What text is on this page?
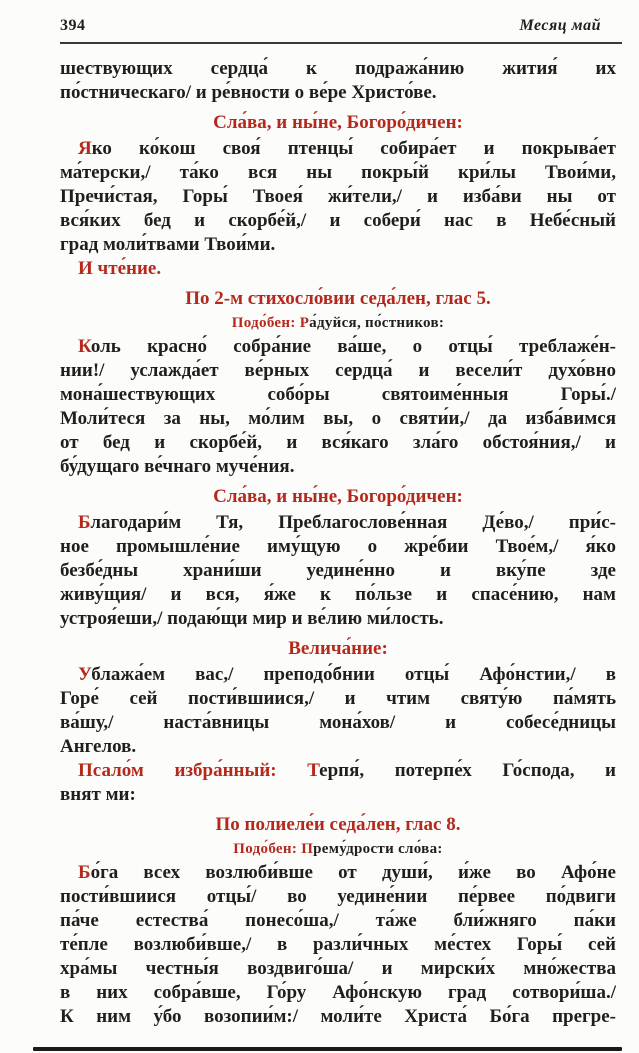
394	Месяц май
шествующих сердца́ к подража́нию жития́ их
по́стническаго/ и ре́вности о ве́ре Христо́ве.
Сла́ва, и ны́не, Богоро́дичен:
Яко ко́кош своя́ птенцы́ собира́ет и покрыва́ет
ма́терски,/ та́ко вся ны покры́й кри́лы Твои́ми,
Пречи́стая, Горы́ Твоея́ жи́тели,/ и изба́ви ны от
вся́ких бед и скорбе́й,/ и собери́ нас в Небе́сный
град моли́твами Твои́ми.
И чте́ние.
По 2-м стихосло́вии седа́лен, глас 5.
Подо́бен: Ра́дуйся, по́стников:
Коль красно́ собра́ние ва́ше, о отцы́ треблаже́н-
нии!/ услажда́ет ве́рных сердца́ и весели́т духо́вно
мона́шествующих собо́ры святоиме́нныя Горы́./
Моли́теся за ны, мо́лим вы, о святи́и,/ да изба́вимся
от бед и скорбе́й, и вся́каго зла́го обстоя́ния,/ и
бу́дущаго ве́чнаго муче́ния.
Сла́ва, и ны́не, Богоро́дичен:
Благодари́м Тя, Преблагослове́нная Де́во,/ при́с-
ное промышле́ние иму́щую о жре́бии Твое́м,/ я́ко
безбе́дны храни́ши уедине́нно и вку́пе зде
живу́щия/ и вся, я́же к по́льзе и спасе́нию, нам
устроя́еши,/ подаю́щи мир и ве́лию ми́лость.
Велича́ние:
Ублажа́ем вас,/ преподо́бнии отцы́ Афо́нстии,/ в
Горе́ сей пости́вшиися,/ и чтим святу́ю па́мять
ва́шу,/ наста́вницы мона́хов/ и собесе́дницы
Ангелов.
Псало́м избра́нный: Терпя́, потерпе́х Го́спода, и
внят ми:
По полиеле́и седа́лен, глас 8.
Подо́бен: Прему́дрости сло́ва:
Бо́га всех возлюби́вше от души́, и́же во Афо́не
пости́вшиися отцы́/ во уедине́нии пе́рвее по́двиги
па́че естества́ понесо́ша,/ та́же бли́жняго па́ки
те́пле возлюби́вше,/ в разли́чных ме́стех Горы́ сей
хра́мы честны́я воздвиго́ша/ и мирски́х мно́жества
в них собра́вше, Го́ру Афо́нскую град сотвори́ша./
К ним у́бо возопии́м:/ моли́те Христа́ Бо́га прегре-
